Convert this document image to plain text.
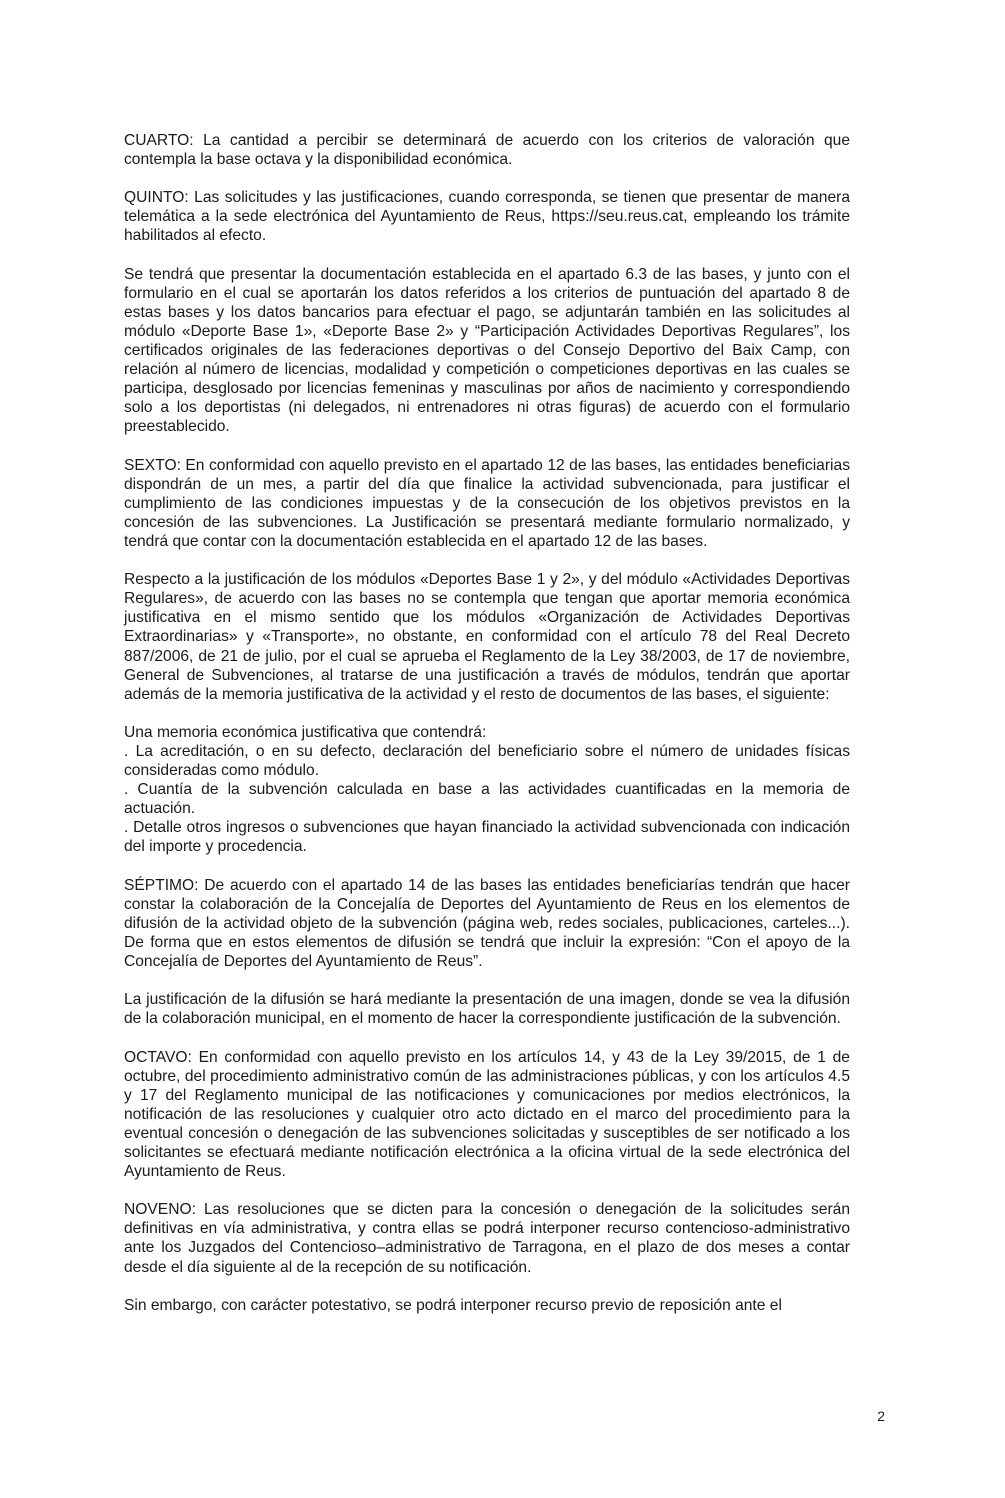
CUARTO: La cantidad a percibir se determinará de acuerdo con los criterios de valoración que contempla la base octava y la disponibilidad económica.

QUINTO: Las solicitudes y las justificaciones, cuando corresponda, se tienen que presentar de manera telemática a la sede electrónica del Ayuntamiento de Reus, https://seu.reus.cat, empleando los trámite habilitados al efecto.

Se tendrá que presentar la documentación establecida en el apartado 6.3 de las bases, y junto con el formulario en el cual se aportarán los datos referidos a los criterios de puntuación del apartado 8 de estas bases y los datos bancarios para efectuar el pago, se adjuntarán también en las solicitudes al módulo «Deporte Base 1», «Deporte Base 2» y “Participación Actividades Deportivas Regulares”, los certificados originales de las federaciones deportivas o del Consejo Deportivo del Baix Camp, con relación al número de licencias, modalidad y competición o competiciones deportivas en las cuales se participa, desglosado por licencias femeninas y masculinas por años de nacimiento y correspondiendo solo a los deportistas (ni delegados, ni entrenadores ni otras figuras) de acuerdo con el formulario preestablecido.

SEXTO: En conformidad con aquello previsto en el apartado 12 de las bases, las entidades beneficiarias dispondrán de un mes, a partir del día que finalice la actividad subvencionada, para justificar el cumplimiento de las condiciones impuestas y de la consecución de los objetivos previstos en la concesión de las subvenciones. La Justificación se presentará mediante formulario normalizado, y tendrá que contar con la documentación establecida en el apartado 12 de las bases.

Respecto a la justificación de los módulos «Deportes Base 1 y 2», y del módulo «Actividades Deportivas Regulares», de acuerdo con las bases no se contempla que tengan que aportar memoria económica justificativa en el mismo sentido que los módulos «Organización de Actividades Deportivas Extraordinarias» y «Transporte», no obstante, en conformidad con el artículo 78 del Real Decreto 887/2006, de 21 de julio, por el cual se aprueba el Reglamento de la Ley 38/2003, de 17 de noviembre, General de Subvenciones, al tratarse de una justificación a través de módulos, tendrán que aportar además de la memoria justificativa de la actividad y el resto de documentos de las bases, el siguiente:

Una memoria económica justificativa que contendrá:
. La acreditación, o en su defecto, declaración del beneficiario sobre el número de unidades físicas consideradas como módulo.
. Cuantía de la subvención calculada en base a las actividades cuantificadas en la memoria de actuación.
. Detalle otros ingresos o subvenciones que hayan financiado la actividad subvencionada con indicación del importe y procedencia.

SÉPTIMO: De acuerdo con el apartado 14 de las bases las entidades beneficiarías tendrán que hacer constar la colaboración de la Concejalía de Deportes del Ayuntamiento de Reus en los elementos de difusión de la actividad objeto de la subvención (página web, redes sociales, publicaciones, carteles...). De forma que en estos elementos de difusión se tendrá que incluir la expresión: “Con el apoyo de la Concejalía de Deportes del Ayuntamiento de Reus”.

La justificación de la difusión se hará mediante la presentación de una imagen, donde se vea la difusión de la colaboración municipal, en el momento de hacer la correspondiente justificación de la subvención.

OCTAVO: En conformidad con aquello previsto en los artículos 14, y 43 de la Ley 39/2015, de 1 de octubre, del procedimiento administrativo común de las administraciones públicas, y con los artículos 4.5 y 17 del Reglamento municipal de las notificaciones y comunicaciones por medios electrónicos, la notificación de las resoluciones y cualquier otro acto dictado en el marco del procedimiento para la eventual concesión o denegación de las subvenciones solicitadas y susceptibles de ser notificado a los solicitantes se efectuará mediante notificación electrónica a la oficina virtual de la sede electrónica del Ayuntamiento de Reus.

NOVENO: Las resoluciones que se dicten para la concesión o denegación de la solicitudes serán definitivas en vía administrativa, y contra ellas se podrá interponer recurso contencioso-administrativo ante los Juzgados del Contencioso–administrativo de Tarragona, en el plazo de dos meses a contar desde el día siguiente al de la recepción de su notificación.

Sin embargo, con carácter potestativo, se podrá interponer recurso previo de reposición ante el

2
